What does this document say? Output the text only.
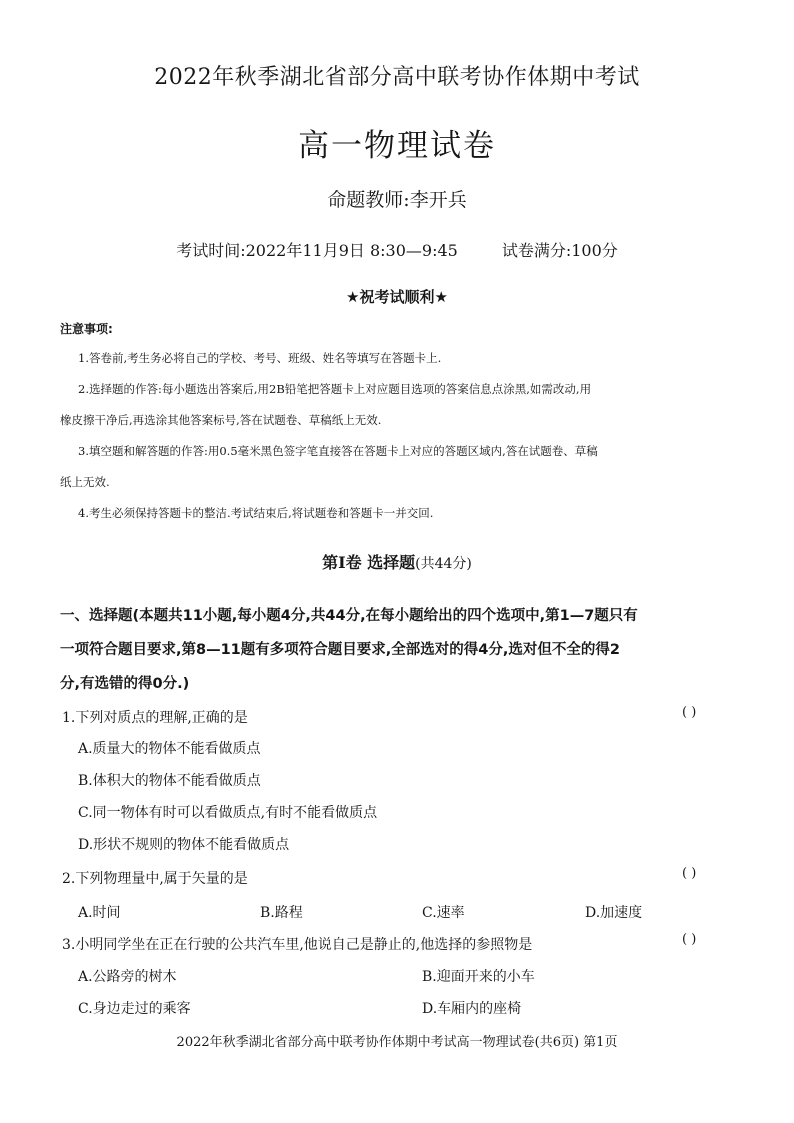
2022年秋季湖北省部分高中联考协作体期中考试
高一物理试卷
命题教师:李开兵
考试时间:2022年11月9日 8:30—9:45	试卷满分:100分
★祝考试顺利★
注意事项:
1.答卷前,考生务必将自己的学校、考号、班级、姓名等填写在答题卡上.
2.选择题的作答:每小题选出答案后,用2B铅笔把答题卡上对应题目选项的答案信息点涂黑,如需改动,用
橡皮擦干净后,再选涂其他答案标号,答在试题卷、草稿纸上无效.
3.填空题和解答题的作答:用0.5毫米黑色签字笔直接答在答题卡上对应的答题区域内,答在试题卷、草稿
纸上无效.
4.考生必须保持答题卡的整洁.考试结束后,将试题卷和答题卡一并交回.
第Ⅰ卷 选择题(共44分)
一、选择题(本题共11小题,每小题4分,共44分,在每小题给出的四个选项中,第1—7题只有
一项符合题目要求,第8—11题有多项符合题目要求,全部选对的得4分,选对但不全的得2
分,有选错的得0分.)
1.下列对质点的理解,正确的是	( )
A.质量大的物体不能看做质点
B.体积大的物体不能看做质点
C.同一物体有时可以看做质点,有时不能看做质点
D.形状不规则的物体不能看做质点
2.下列物理量中,属于矢量的是	( )
A.时间	B.路程	C.速率	D.加速度
3.小明同学坐在正在行驶的公共汽车里,他说自己是静止的,他选择的参照物是	( )
A.公路旁的树木	B.迎面开来的小车
C.身边走过的乘客	D.车厢内的座椅
2022年秋季湖北省部分高中联考协作体期中考试高一物理试卷(共6页) 第1页
